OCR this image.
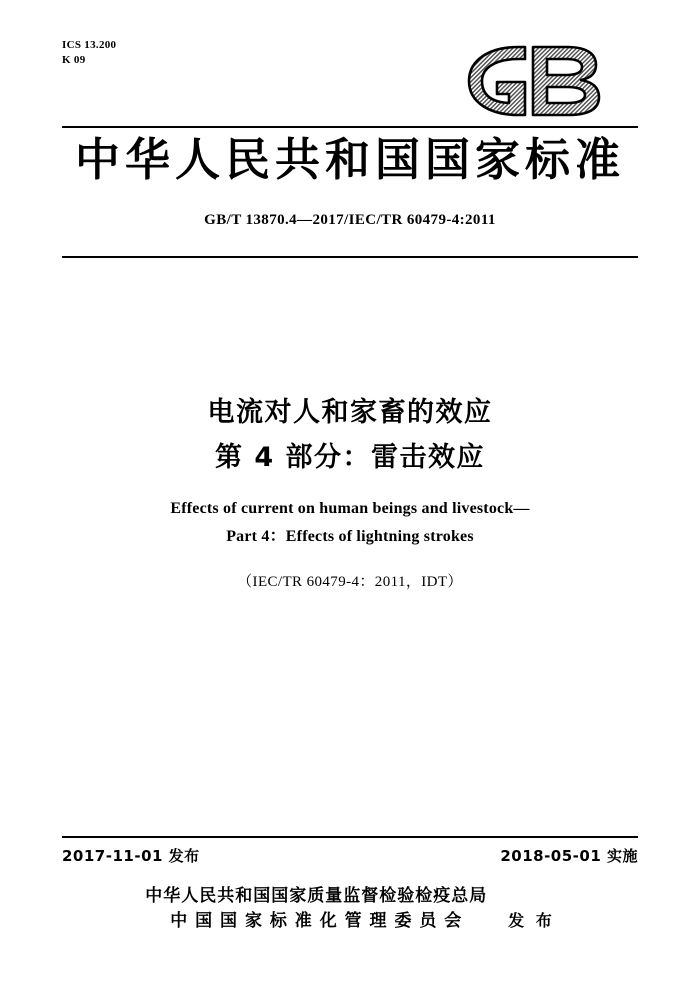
ICS 13.200
K 09
中华人民共和国国家标准
GB/T 13870.4—2017/IEC/TR 60479-4:2011
电流对人和家畜的效应
第 4 部分：雷击效应
Effects of current on human beings and livestock—
Part 4：Effects of lightning strokes
（IEC/TR 60479-4：2011，IDT）
2017-11-01 发布	2018-05-01 实施
中华人民共和国国家质量监督检验检疫总局
中 国 国 家 标 准 化 管 理 委 员 会	发 布
